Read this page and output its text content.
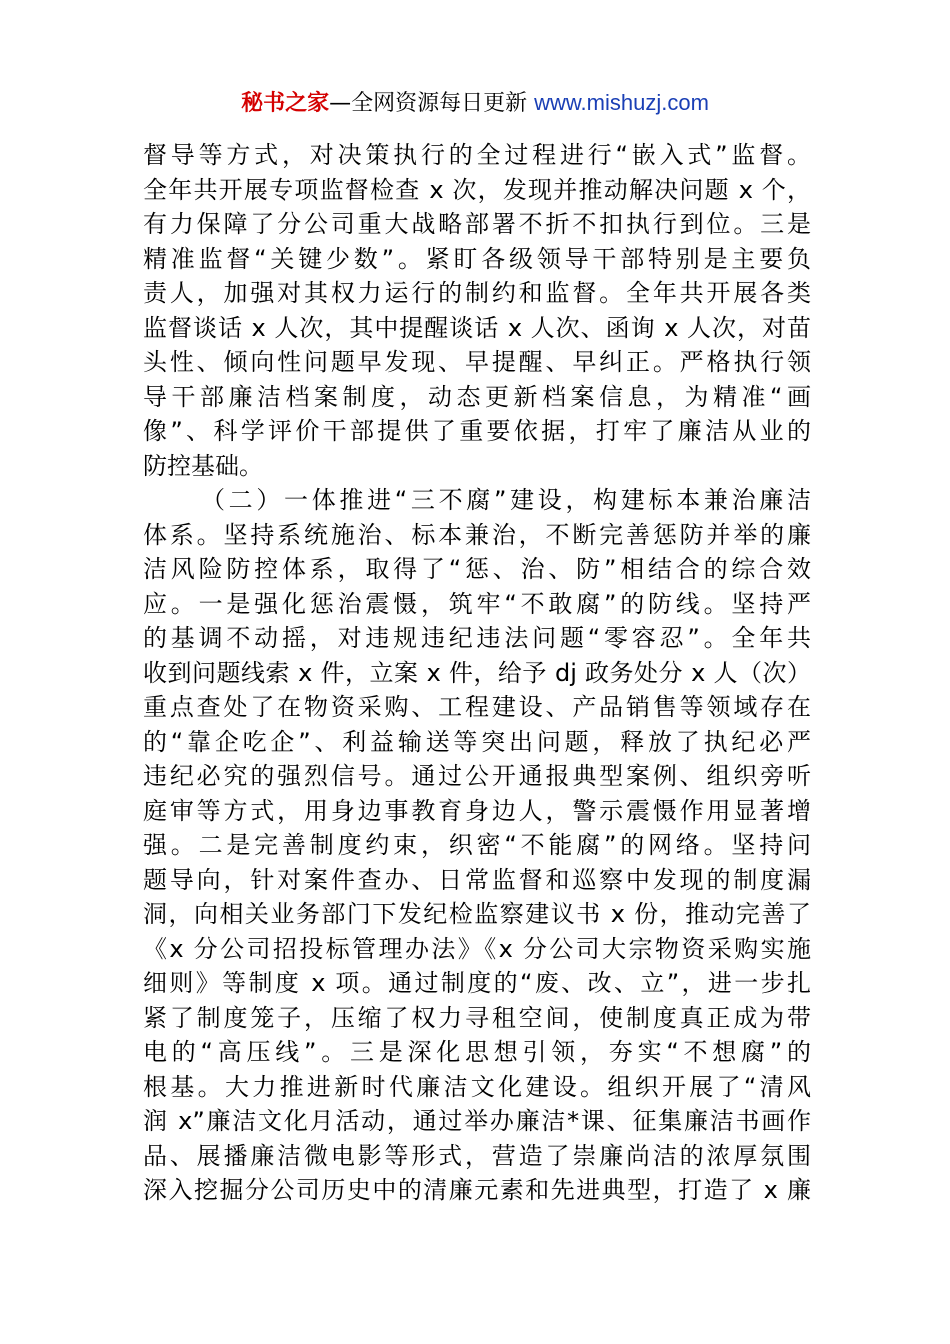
秘书之家—全网资源每日更新 www.mishuzj.com
督导等方式，对决策执行的全过程进行“嵌入式”监督。
全年共开展专项监督检查 x 次，发现并推动解决问题 x 个，
有力保障了分公司重大战略部署不折不扣执行到位。三是
精准监督“关键少数”。紧盯各级领导干部特别是主要负
责人，加强对其权力运行的制约和监督。全年共开展各类
监督谈话 x 人次，其中提醒谈话 x 人次、函询 x 人次，对苗
头性、倾向性问题早发现、早提醒、早纠正。严格执行领
导干部廉洁档案制度，动态更新档案信息，为精准“画
像”、科学评价干部提供了重要依据，打牢了廉洁从业的
防控基础。
（二）一体推进“三不腐”建设，构建标本兼治廉洁
体系。坚持系统施治、标本兼治，不断完善惩防并举的廉
洁风险防控体系，取得了“惩、治、防”相结合的综合效
应。一是强化惩治震慑，筑牢“不敢腐”的防线。坚持严
的基调不动摇，对违规违纪违法问题“零容忍”。全年共
收到问题线索 x 件，立案 x 件，给予 dj 政务处分 x 人（次）
重点查处了在物资采购、工程建设、产品销售等领域存在
的“靠企吃企”、利益输送等突出问题，释放了执纪必严
违纪必究的强烈信号。通过公开通报典型案例、组织旁听
庭审等方式，用身边事教育身边人，警示震慑作用显著增
强。二是完善制度约束，织密“不能腐”的网络。坚持问
题导向，针对案件查办、日常监督和巡察中发现的制度漏
洞，向相关业务部门下发纪检监察建议书 x 份，推动完善了
《x 分公司招投标管理办法》《x 分公司大宗物资采购实施
细则》等制度 x 项。通过制度的“废、改、立”，进一步扎
紧了制度笼子，压缩了权力寻租空间，使制度真正成为带
电的“高压线”。三是深化思想引领，夯实“不想腐”的
根基。大力推进新时代廉洁文化建设。组织开展了“清风
润 x”廉洁文化月活动，通过举办廉洁*课、征集廉洁书画作
品、展播廉洁微电影等形式，营造了崇廉尚洁的浓厚氛围
深入挖掘分公司历史中的清廉元素和先进典型，打造了 x 廉
